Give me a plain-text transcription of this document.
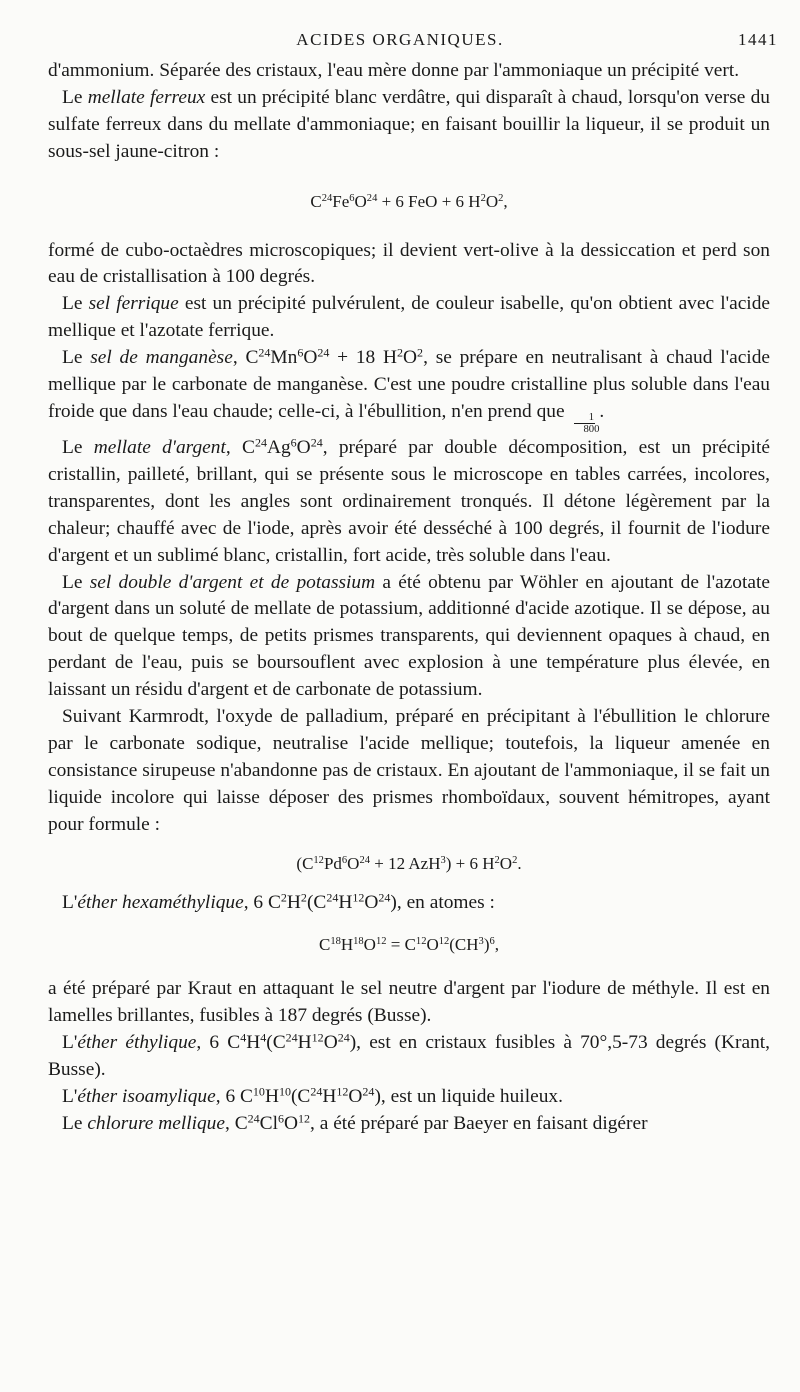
ACIDES ORGANIQUES.	1441

d'ammonium. Séparée des cristaux, l'eau mère donne par l'ammoniaque un précipité vert.

Le mellate ferreux est un précipité blanc verdâtre, qui disparaît à chaud, lorsqu'on verse du sulfate ferreux dans du mellate d'ammoniaque; en faisant bouillir la liqueur, il se produit un sous-sel jaune-citron :

$C^{24}Fe^6O^{24} + 6$ FeO + 6 $H^2O^2$,

formé de cubo-octaèdres microscopiques; il devient vert-olive à la dessiccation et perd son eau de cristallisation à 100 degrés.

Le sel ferrique est un précipité pulvérulent, de couleur isabelle, qu'on obtient avec l'acide mellique et l'azotate ferrique.

Le sel de manganèse, $C^{24}Mn^6O^{24} + 18$ $H^2O^2$, se prépare en neutralisant à chaud l'acide mellique par le carbonate de manganèse. C'est une poudre cristalline plus soluble dans l'eau froide que dans l'eau chaude; celle-ci, à l'ébullition, n'en prend que
$\frac{1}{800}$
.

Le mellate d'argent, $C^{24}Ag^6O^{24}$, préparé par double décomposition, est un précipité cristallin, pailleté, brillant, qui se présente sous le microscope en tables carrées, incolores, transparentes, dont les angles sont ordinairement tronqués. Il détone légèrement par la chaleur; chauffé avec de l'iode, après avoir été desséché à 100 degrés, il fournit de l'iodure d'argent et un sublimé blanc, cristallin, fort acide, très soluble dans l'eau.

Le sel double d'argent et de potassium a été obtenu par Wöhler en ajoutant de l'azotate d'argent dans un soluté de mellate de potassium, additionné d'acide azotique. Il se dépose, au bout de quelque temps, de petits prismes transparents, qui deviennent opaques à chaud, en perdant de l'eau, puis se boursouflent avec explosion à une température plus élevée, en laissant un résidu d'argent et de carbonate de potassium.

Suivant Karmrodt, l'oxyde de palladium, préparé en précipitant à l'ébullition le chlorure par le carbonate sodique, neutralise l'acide mellique; toutefois, la liqueur amenée en consistance sirupeuse n'abandonne pas de cristaux. En ajoutant de l'ammoniaque, il se fait un liquide incolore qui laisse déposer des prismes rhomboïdaux, souvent hémitropes, ayant pour formule :

($C^{12}Pd^6O^{24} + 12$ AzH$^3$) + 6 $H^2O^2$.

L'éther hexaméthylique, 6 $C^2H^2(C^{24}H^{12}O^{24})$, en atomes :

$C^{18}H^{18}O^{12} = C^{12}O^{12}(CH^3)^6$,

a été préparé par Kraut en attaquant le sel neutre d'argent par l'iodure de méthyle. Il est en lamelles brillantes, fusibles à 187 degrés (Busse).

L'éther éthylique, 6 $C^4H^4(C^{24}H^{12}O^{24})$, est en cristaux fusibles à 70°,5-73 degrés (Krant, Busse).

L'éther isoamylique, 6 $C^{10}H^{10}(C^{24}H^{12}O^{24})$, est un liquide huileux.

Le chlorure mellique, $C^{24}Cl^6O^{12}$, a été préparé par Baeyer en faisant digérer
